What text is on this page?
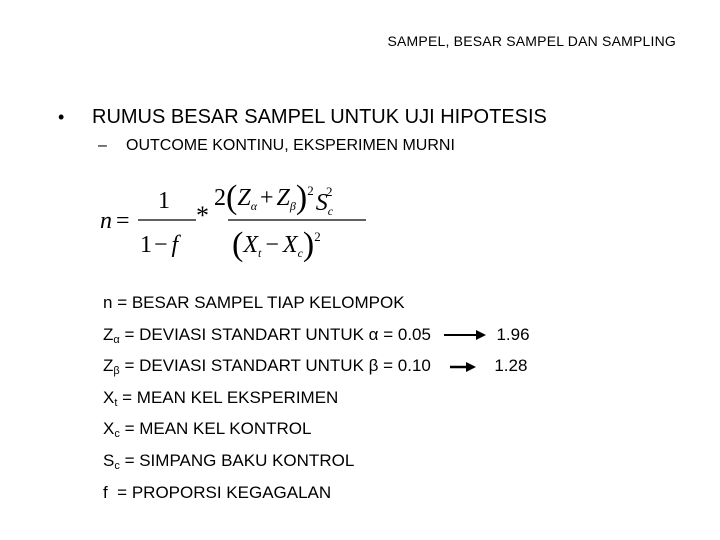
SAMPEL, BESAR SAMPEL DAN SAMPLING
•	RUMUS BESAR SAMPEL UNTUK UJI HIPOTESIS
–	OUTCOME KONTINU, EKSPERIMEN MURNI
n =
1
1− f
*
$2(Z_\alpha + Z_\beta)^2S_c2$
$(X_t - X_c)^2$
n = BESAR SAMPEL TIAP KELOMPOK
$Z_\alpha$ = DEVIASI STANDART UNTUK α = 0.05	1.96
$Z_\beta$ = DEVIASI STANDART UNTUK β = 0.10	1.28
$X_t$ = MEAN KEL EKSPERIMEN
$X_c$ = MEAN KEL KONTROL
$S_c$ = SIMPANG BAKU KONTROL
f  = PROPORSI KEGAGALAN
